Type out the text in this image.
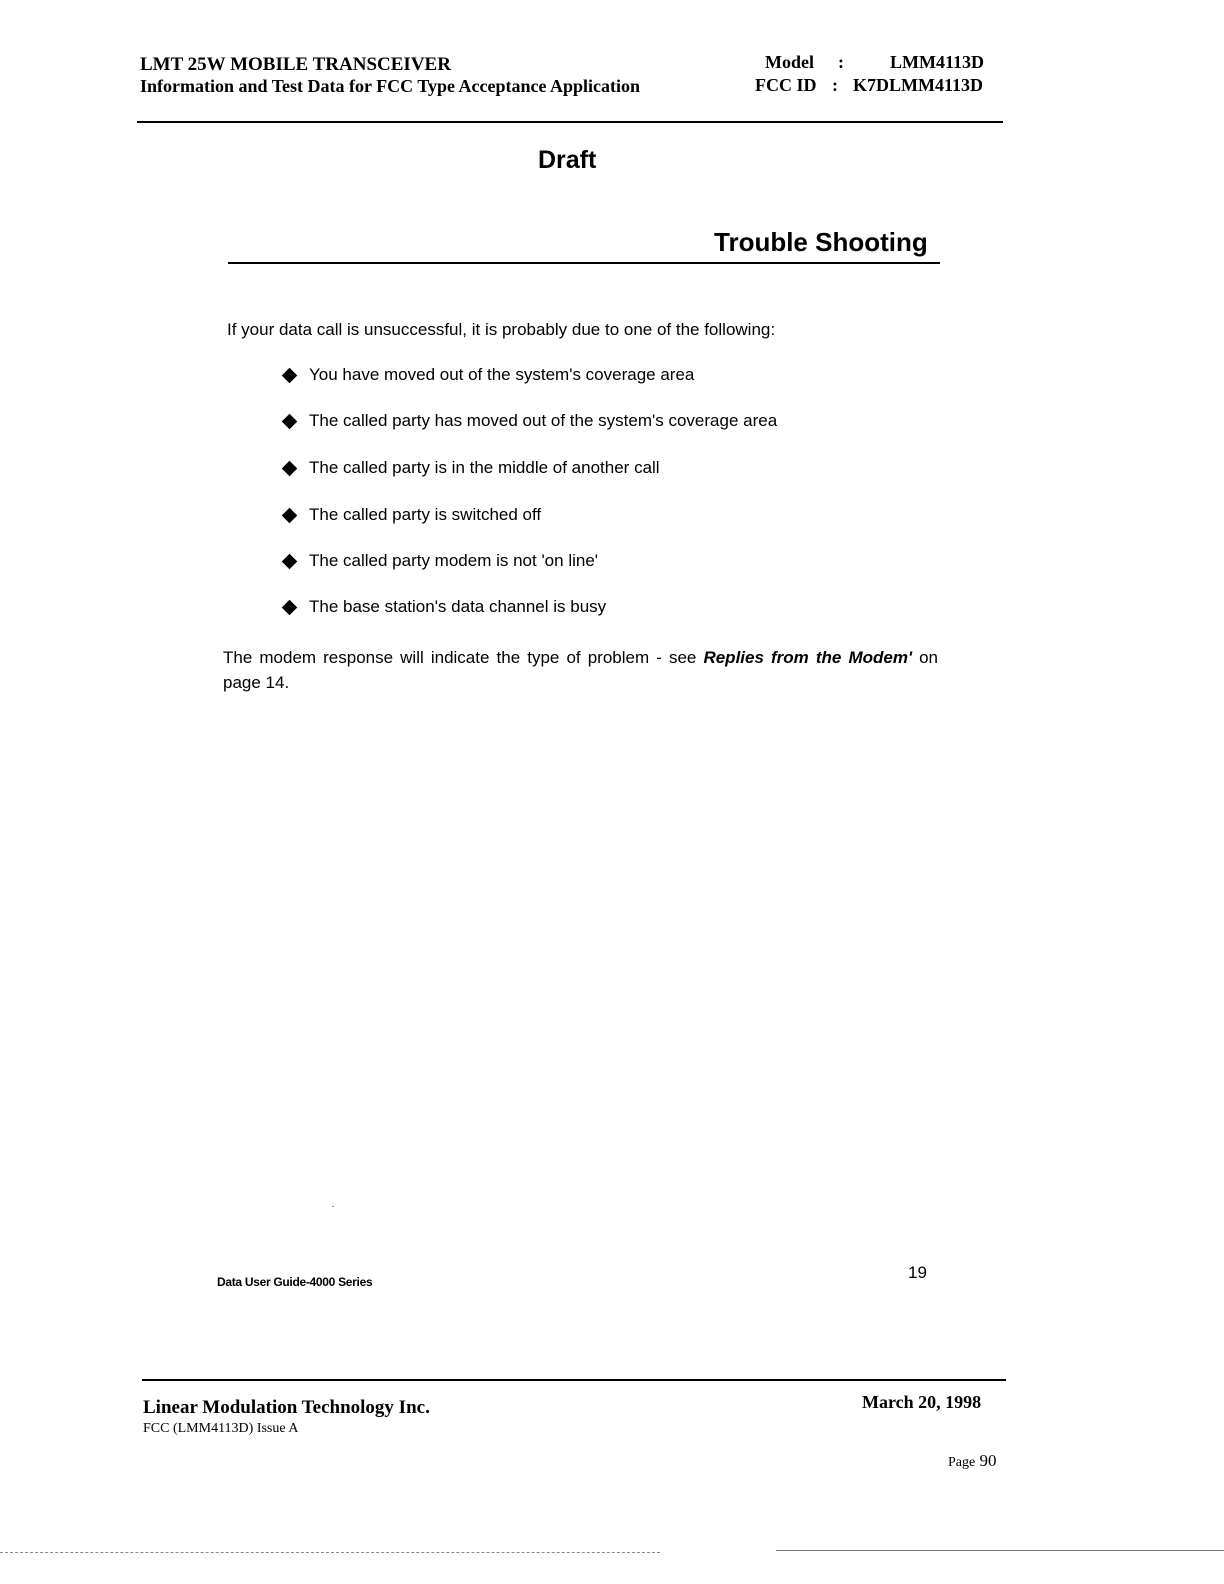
LMT 25W MOBILE TRANSCEIVER
Information and Test Data for FCC Type Acceptance Application
Model :	LMM4113D
FCC ID : K7DLMM4113D
Draft
Trouble Shooting
If your data call is unsuccessful, it is probably due to one of the following:
You have moved out of the system's coverage area
The called party has moved out of the system's coverage area
The called party is in the middle of another call
The called party is switched off
The called party modem is not 'on line'
The base station's data channel is busy
The modem response will indicate the type of problem - see Replies from the Modem' on page 14.
Data User Guide-4000 Series	19
Linear Modulation Technology Inc.
FCC (LMM4113D) Issue A
March 20, 1998
Page 90
